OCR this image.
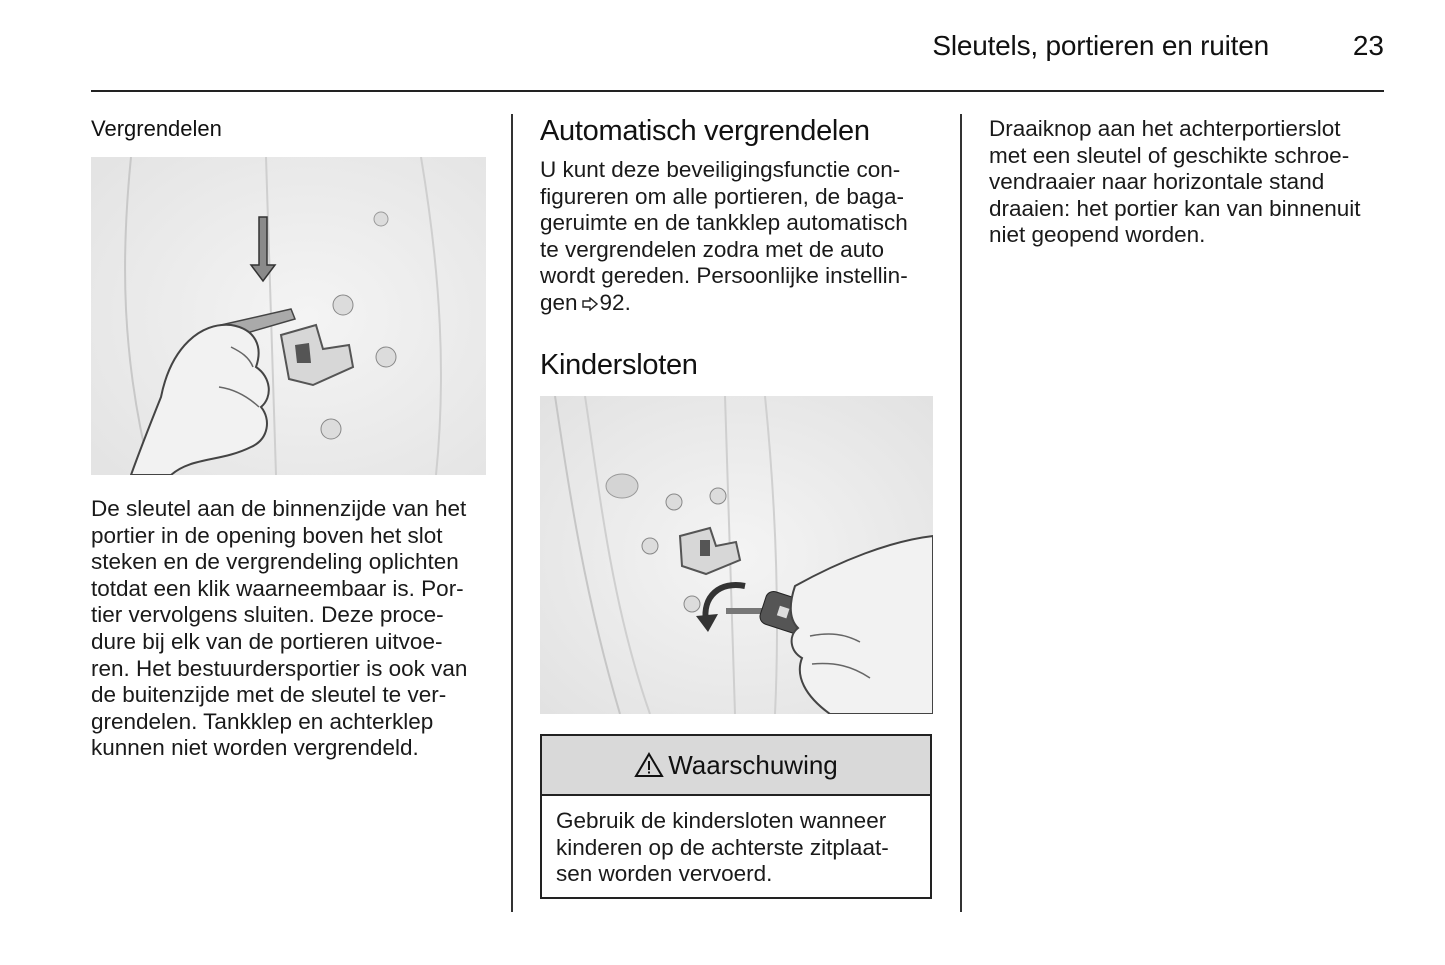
Sleutels, portieren en ruiten	23
Vergrendelen
De sleutel aan de binnenzijde van het
portier in de opening boven het slot
steken en de vergrendeling oplichten
totdat een klik waarneembaar is. Por-
tier vervolgens sluiten. Deze proce-
dure bij elk van de portieren uitvoe-
ren. Het bestuurdersportier is ook van
de buitenzijde met de sleutel te ver-
grendelen. Tankklep en achterklep
kunnen niet worden vergrendeld.
Automatisch vergrendelen
U kunt deze beveiligingsfunctie con-
figureren om alle portieren, de baga-
geruimte en de tankklep automatisch
te vergrendelen zodra met de auto
wordt gereden. Persoonlijke instellin-
gen 92.
Kindersloten
Waarschuwing
Gebruik de kindersloten wanneer
kinderen op de achterste zitplaat-
sen worden vervoerd.
Draaiknop aan het achterportierslot
met een sleutel of geschikte schroe-
vendraaier naar horizontale stand
draaien: het portier kan van binnenuit
niet geopend worden.
